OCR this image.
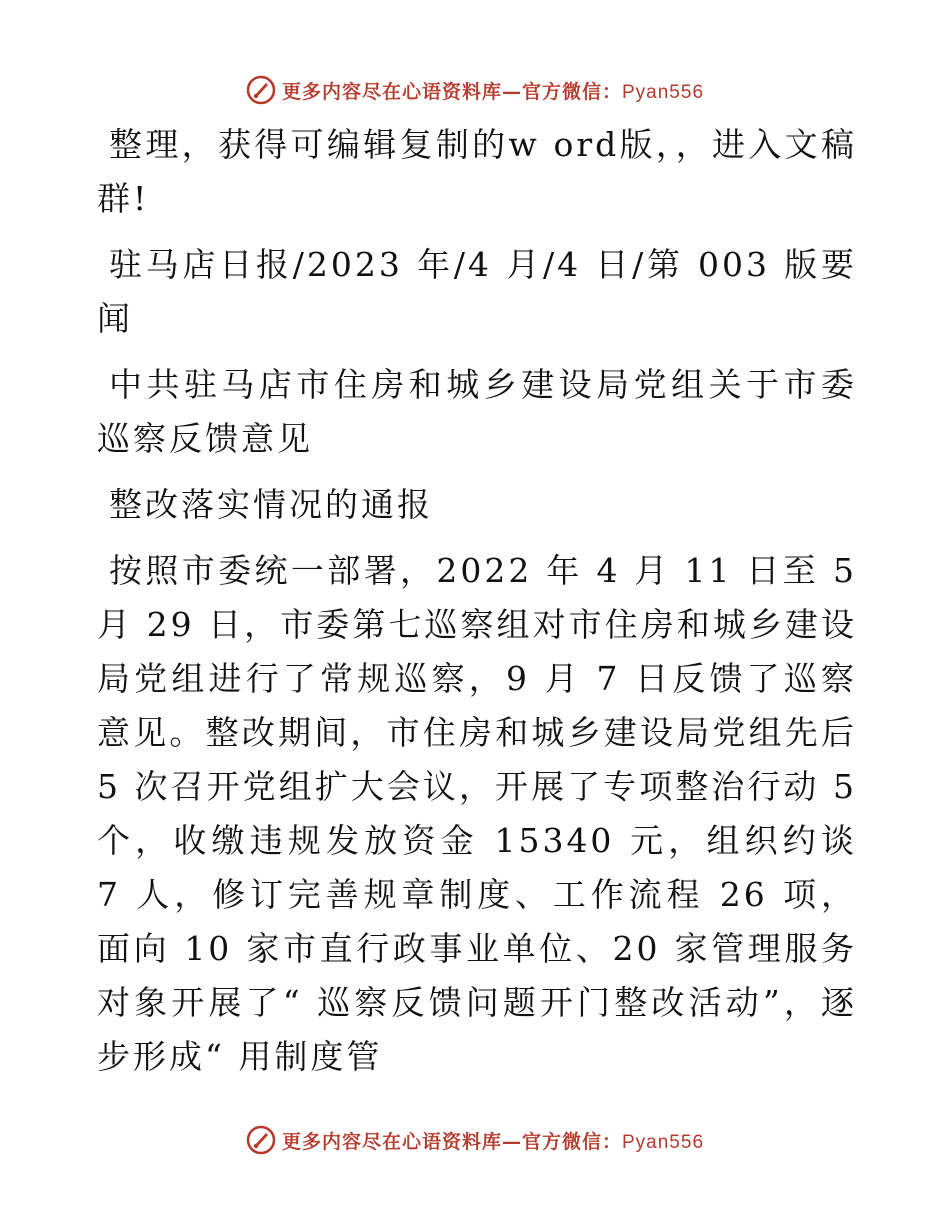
更多内容尽在心语资料库—官方微信：Pyan556

整理，获得可编辑复制的w ord版，，进入文稿群!

驻马店日报/2023 年/4 月/4 日/第 003 版要闻

中共驻马店市住房和城乡建设局党组关于市委巡察反馈意见

整改落实情况的通报

按照市委统一部署，2022 年 4 月 11 日至 5 月 29 日，市委第七巡察组对市住房和城乡建设局党组进行了常规巡察，9 月 7 日反馈了巡察意见。整改期间，市住房和城乡建设局党组先后 5 次召开党组扩大会议，开展了专项整治行动 5 个，收缴违规发放资金 15340 元，组织约谈 7 人，修订完善规章制度、工作流程 26 项，面向 10 家市直行政事业单位、20 家管理服务对象开展了“ 巡察反馈问题开门整改活动”，逐步形成“ 用制度管

更多内容尽在心语资料库—官方微信：Pyan556
